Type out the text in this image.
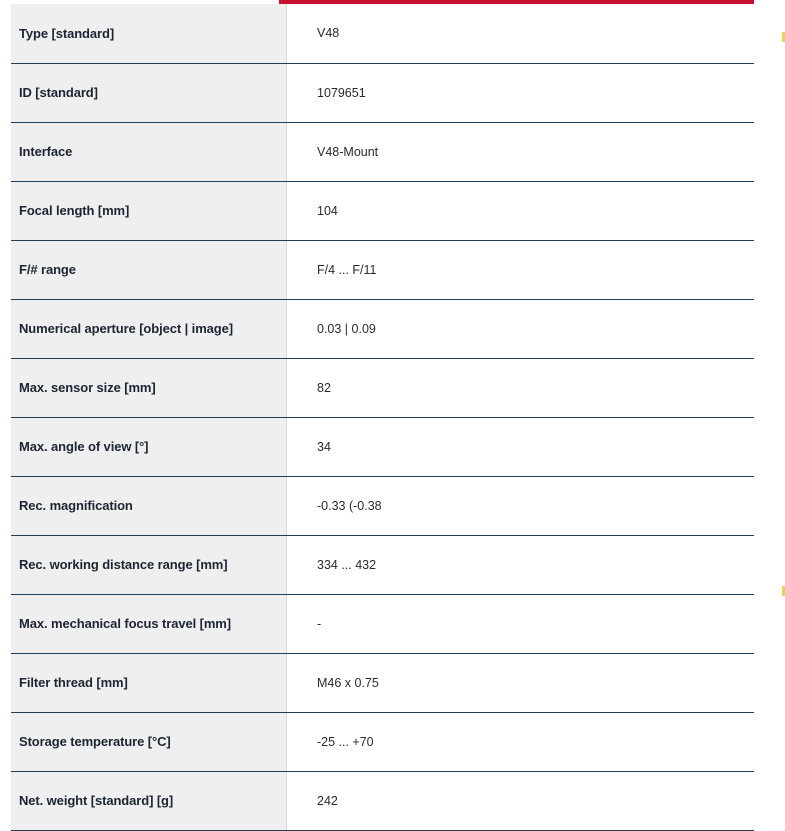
Type [standard]	V48
ID [standard]	1079651
Interface	V48-Mount
Focal length [mm]	104
F/# range	F/4 ... F/11
Numerical aperture [object | image]	0.03 | 0.09
Max. sensor size [mm]	82
Max. angle of view [°]	34
Rec. magnification	-0.33 (-0.38
Rec. working distance range [mm]	334 ... 432
Max. mechanical focus travel [mm]	-
Filter thread [mm]	M46 x 0.75
Storage temperature [°C]	-25 ... +70
Net. weight [standard] [g]	242
